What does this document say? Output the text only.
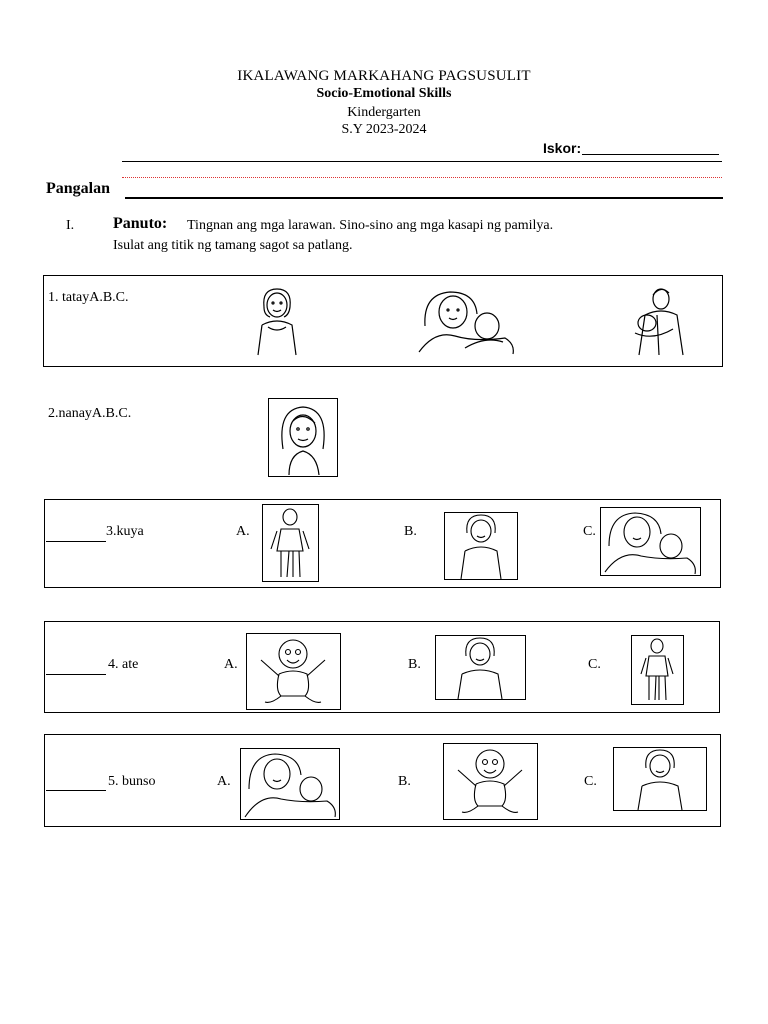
IKALAWANG MARKAHANG PAGSUSULIT
Socio-Emotional Skills
Kindergarten
S.Y 2023-2024
Iskor:
Pangalan
I. Panuto: Tingnan ang mga larawan. Sino-sino ang mga kasapi ng pamilya.
Isulat ang titik ng tamang sagot sa patlang.
1. tatayA.B.C.
2.nanayA.B.C.
3.kuya	A.	B.	C.
4. ate	A.	B.	C.
5. bunso	A.	B.	C.
